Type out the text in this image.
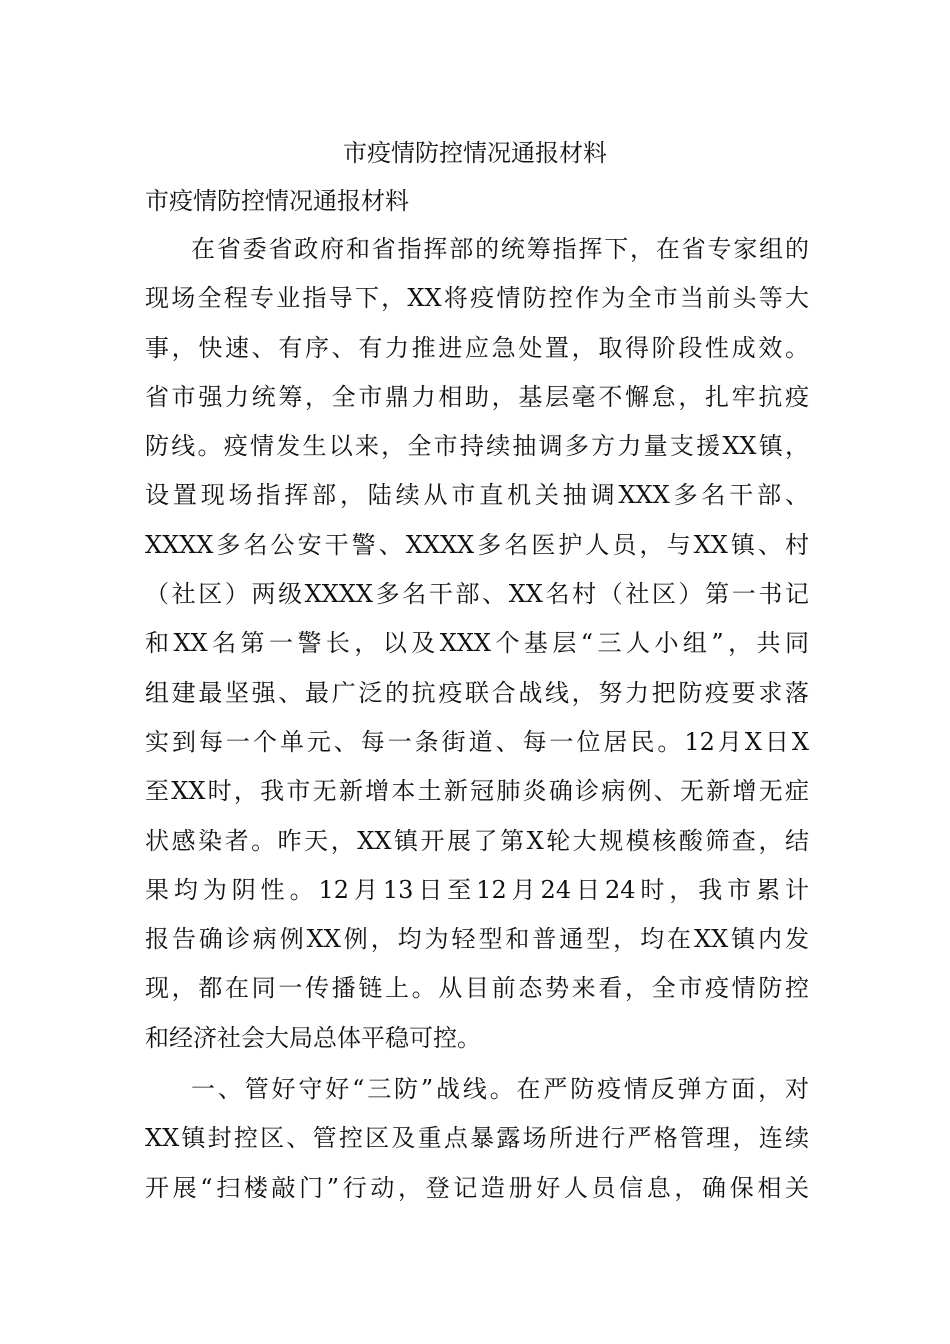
市疫情防控情况通报材料
市疫情防控情况通报材料
在省委省政府和省指挥部的统筹指挥下，在省专家组的
现场全程专业指导下，XX将疫情防控作为全市当前头等大
事，快速、有序、有力推进应急处置，取得阶段性成效。
省市强力统筹，全市鼎力相助，基层毫不懈怠，扎牢抗疫
防线。疫情发生以来，全市持续抽调多方力量支援XX镇，
设置现场指挥部，陆续从市直机关抽调XXX多名干部、
XXXX多名公安干警、XXXX多名医护人员，与XX镇、村
（社区）两级XXXX多名干部、XX名村（社区）第一书记
和XX名第一警长，以及XXX个基层“三人小组”，共同
组建最坚强、最广泛的抗疫联合战线，努力把防疫要求落
实到每一个单元、每一条街道、每一位居民。12月X日X
至XX时，我市无新增本土新冠肺炎确诊病例、无新增无症
状感染者。昨天，XX镇开展了第X轮大规模核酸筛查，结
果均为阴性。12月13日至12月24日24时，我市累计
报告确诊病例XX例，均为轻型和普通型，均在XX镇内发
现，都在同一传播链上。从目前态势来看，全市疫情防控
和经济社会大局总体平稳可控。
一、管好守好“三防”战线。在严防疫情反弹方面，对
XX镇封控区、管控区及重点暴露场所进行严格管理，连续
开展“扫楼敲门”行动，登记造册好人员信息，确保相关
